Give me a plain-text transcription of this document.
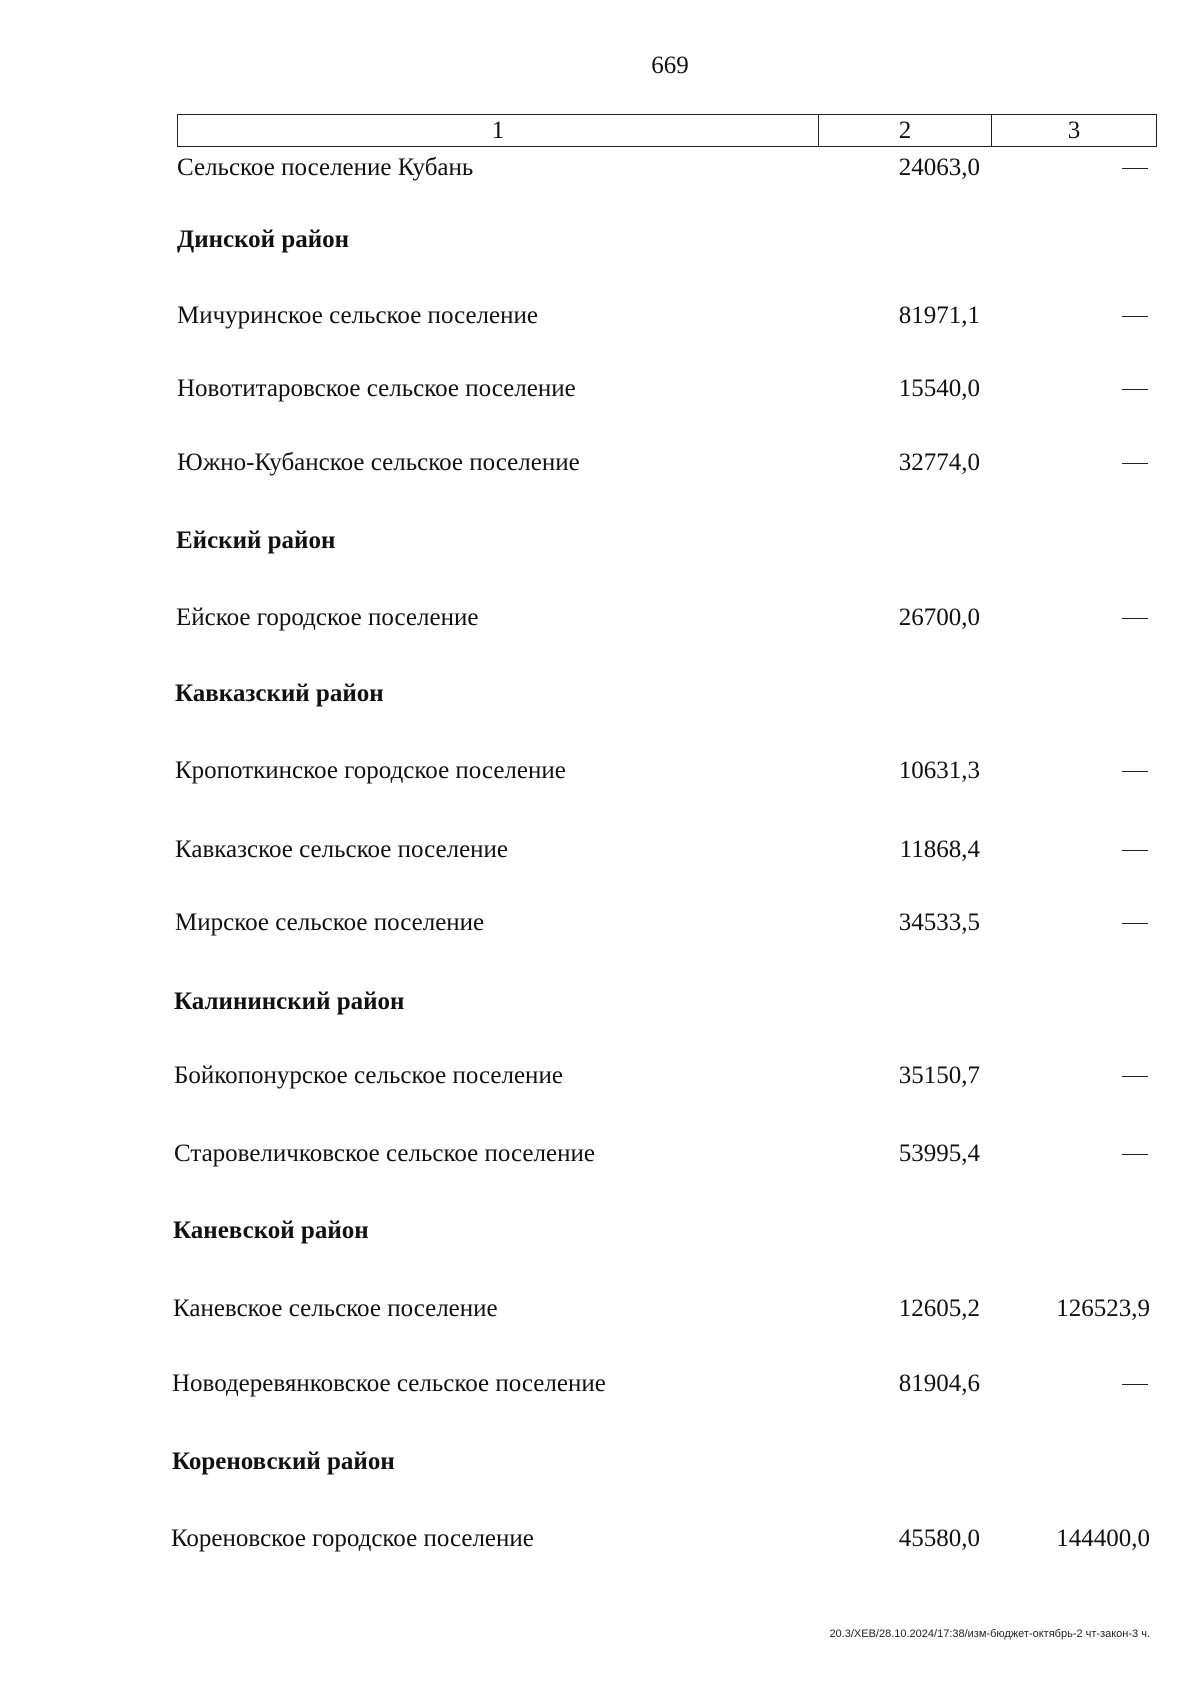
669
1	2	3
Сельское поселение Кубань	24063,0
Динской район
Мичуринское сельское поселение	81971,1
Новотитаровское сельское поселение	15540,0
Южно-Кубанское сельское поселение	32774,0
Ейский район
Ейское городское поселение	26700,0
Кавказский район
Кропоткинское городское поселение	10631,3
Кавказское сельское поселение	11868,4
Мирское сельское поселение	34533,5
Калининский район
Бойкопонурское сельское поселение	35150,7
Старовеличковское сельское поселение	53995,4
Каневской район
Каневское сельское поселение	12605,2	126523,9
Новодеревянковское сельское поселение	81904,6
Кореновский район
Кореновское городское поселение	45580,0	144400,0
20.3/ХЕВ/28.10.2024/17:38/изм-бюджет-октябрь-2 чт-закон-3 ч.
